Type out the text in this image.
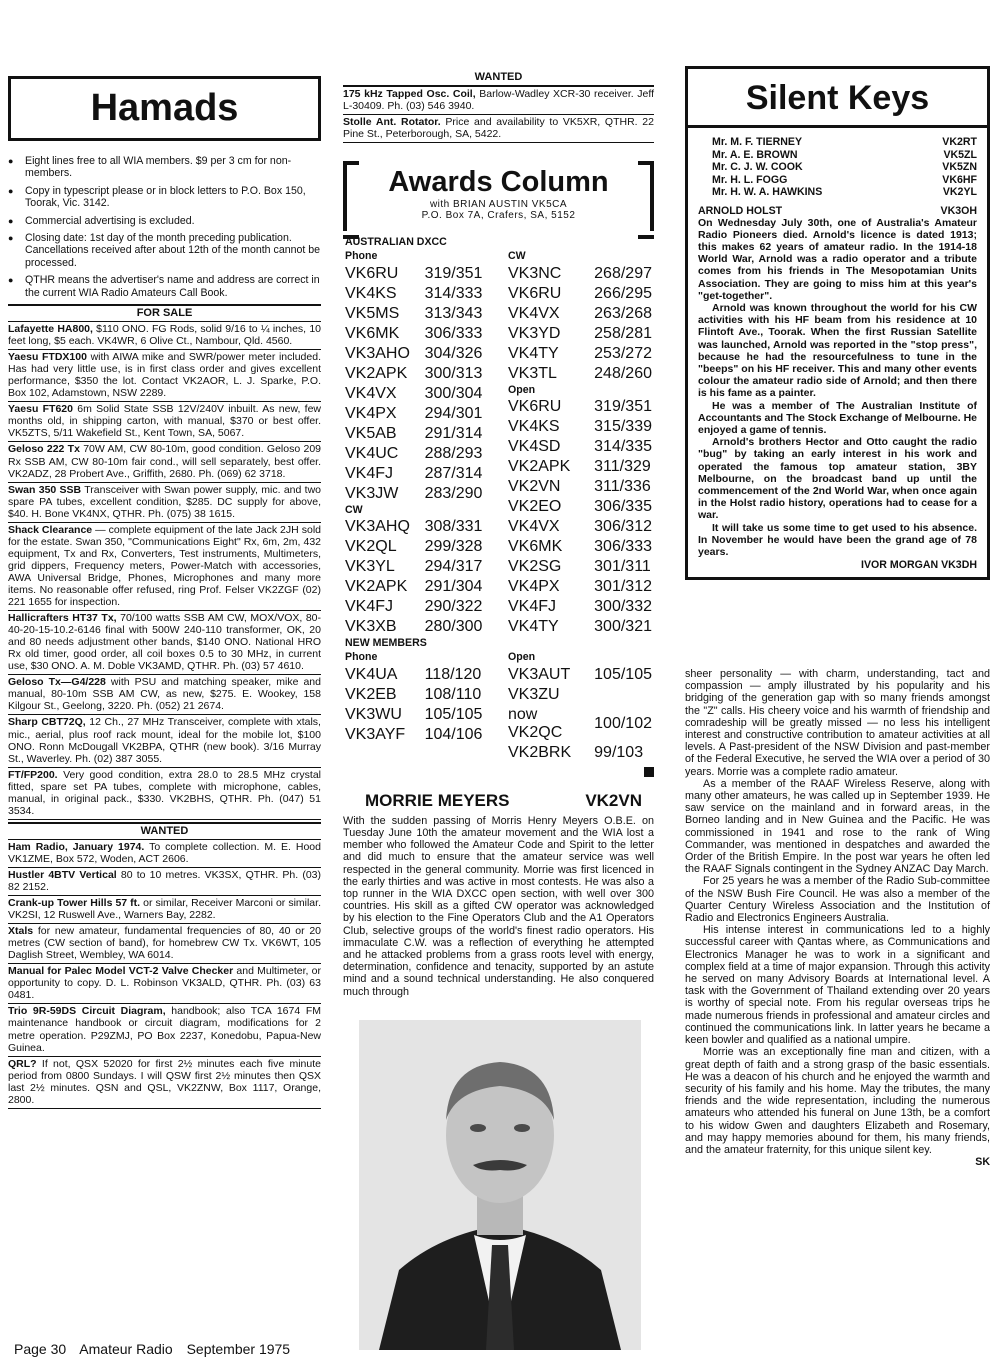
Hamads
● Eight lines free to all WIA members. $9 per 3 cm for non-members.
● Copy in typescript please or in block letters to P.O. Box 150, Toorak, Vic. 3142.
● Commercial advertising is excluded.
● Closing date: 1st day of the month preceding publication. Cancellations received after about 12th of the month cannot be processed.
● QTHR means the advertiser's name and address are correct in the current WIA Radio Amateurs Call Book.
FOR SALE
Lafayette HA800, $110 ONO. FG Rods, solid 9/16 to ¼ inches, 10 feet long, $5 each. VK4WR, 6 Olive Ct., Nambour, Qld. 4560.
Yaesu FTDX100 with AIWA mike and SWR/power meter included. Has had very little use, is in first class order and gives excellent performance, $350 the lot. Contact VK2AOR, L. J. Sparke, P.O. Box 102, Adamstown, NSW 2289.
Yaesu FT620 6m Solid State SSB 12V/240V inbuilt. As new, few months old, in shipping carton, with manual, $370 or best offer. VK5ZTS, 5/11 Wakefield St., Kent Town, SA, 5067.
Geloso 222 Tx 70W AM, CW 80-10m, good condition. Geloso 209 Rx SSB AM, CW 80-10m fair cond., will sell separately, best offer. VK2ADZ, 28 Probert Ave., Griffith, 2680. Ph. (069) 62 3718.
Swan 350 SSB Transceiver with Swan power supply, mic. and two spare PA tubes, excellent condition, $285. DC supply for above, $40. H. Bone VK4NX, QTHR. Ph. (075) 38 1615.
Shack Clearance — complete equipment of the late Jack 2JH sold for the estate. Swan 350, "Communications Eight" Rx, 6m, 2m, 432 equipment, Tx and Rx, Converters, Test instruments, Multimeters, grid dippers, Frequency meters, Power-Match with accessories, AWA Universal Bridge, Phones, Microphones and many more items. No reasonable offer refused, ring Prof. Felser VK2ZGF (02) 221 1655 for inspection.
Hallicrafters HT37 Tx, 70/100 watts SSB AM CW, MOX/VOX, 80-40-20-15-10.2-6146 final with 500W 240-110 transformer, OK, 20 and 80 needs adjustment other bands, $140 ONO. National HRO Rx old timer, good order, all coil boxes 0.5 to 30 MHz, in current use, $30 ONO. A. M. Doble VK3AMD, QTHR. Ph. (03) 57 4610.
Geloso Tx—G4/228 with PSU and matching speaker, mike and manual, 80-10m SSB AM CW, as new, $275. E. Wookey, 158 Kilgour St., Geelong, 3220. Ph. (052) 21 2674.
Sharp CBT72Q, 12 Ch., 27 MHz Transceiver, complete with xtals, mic., aerial, plus roof rack mount, ideal for the mobile lot, $100 ONO. Ronn McDougall VK2BPA, QTHR (new book). 3/16 Murray St., Waverley. Ph. (02) 387 3055.
FT/FP200. Very good condition, extra 28.0 to 28.5 MHz crystal fitted, spare set PA tubes, complete with microphone, cables, manual, in original pack., $330. VK2BHS, QTHR. Ph. (047) 51 3534.
WANTED
Ham Radio, January 1974. To complete collection. M. E. Hood VK1ZME, Box 572, Woden, ACT 2606.
Hustler 4BTV Vertical 80 to 10 metres. VK3SX, QTHR. Ph. (03) 82 2152.
Crank-up Tower Hills 57 ft. or similar, Receiver Marconi or similar. VK2SI, 12 Ruswell Ave., Warners Bay, 2282.
Xtals for new amateur, fundamental frequencies of 80, 40 or 20 metres (CW section of band), for homebrew CW Tx. VK6WT, 105 Daglish Street, Wembley, WA 6014.
Manual for Palec Model VCT-2 Valve Checker and Multimeter, or opportunity to copy. D. L. Robinson VK3ALD, QTHR. Ph. (03) 63 0481.
Trio 9R-59DS Circuit Diagram, handbook; also TCA 1674 FM maintenance handbook or circuit diagram, modifications for 2 metre operation. P29ZMJ, PO Box 2237, Konedobu, Papua-New Guinea.
QRL? If not, QSX 52020 for first 2½ minutes each five minute period from 0800 Sundays. I will QSW first 2½ minutes then QSX last 2½ minutes. QSN and QSL, VK2ZNW, Box 1117, Orange, 2800.
WANTED
175 kHz Tapped Osc. Coil, Barlow-Wadley XCR-30 receiver. Jeff L-30409. Ph. (03) 546 3940.
Stolle Ant. Rotator. Price and availability to VK5XR, QTHR. 22 Pine St., Peterborough, SA, 5422.
Awards Column
with BRIAN AUSTIN VK5CA
P.O. Box 7A, Crafers, SA, 5152
AUSTRALIAN DXCC	
Phone	
VK6RU	319/351
VK4KS	314/333
VK5MS	313/343
VK6MK	306/333
VK3AHO	304/326
VK2APK	300/313
VK4VX	300/304
VK4PX	294/301
VK5AB	291/314
VK4UC	288/293
VK4FJ	287/314
VK3JW	283/290
CW	
VK3AHQ	308/331
VK2QL	299/328
VK3YL	294/317
VK2APK	291/304
VK4FJ	290/322
VK3XB	280/300
NEW MEMBERS	
Phone	
VK4UA	118/120
VK2EB	108/110
VK3WU	105/105
VK3AYF	104/106

CW	
VK3NC	268/297
VK6RU	266/295
VK4VX	263/268
VK3YD	258/281
VK4TY	253/272
VK3TL	248/260
Open	
VK6RU	319/351
VK4KS	315/339
VK4SD	314/335
VK2APK	311/329
VK2VN	311/336
VK2EO	306/335
VK4VX	306/312
VK6MK	306/333
VK2SG	301/311
VK4PX	301/312
VK4FJ	300/332
VK4TY	300/321

Open	
VK3AUT	105/105
VK3ZU	
now VK2QC	100/102
VK2BRK	99/103
MORRIE MEYERS	VK2VN

With the sudden passing of Morris Henry Meyers O.B.E. on Tuesday June 10th the amateur movement and the WIA lost a member who followed the Amateur Code and Spirit to the letter and did much to ensure that the amateur service was well respected in the general community. Morrie was first licenced in the early thirties and was active in most contests. He was also a top runner in the WIA DXCC open section, with well over 300 countries. His skill as a gifted CW operator was acknowledged by his election to the Fine Operators Club and the A1 Operators Club, selective groups of the world's finest radio operators. His immaculate C.W. was a reflection of everything he attempted and he attacked problems from a grass roots level with energy, determination, confidence and tenacity, supported by an astute mind and a sound technical understanding. He also conquered much through

Silent Keys
Mr. M. F. TIERNEY	VK2RT
Mr. A. E. BROWN	VK5ZL
Mr. C. J. W. COOK	VK5ZN
Mr. H. L. FOGG	VK6HF
Mr. H. W. A. HAWKINS	VK2YL
ARNOLD HOLST	VK3OH

On Wednesday July 30th, one of Australia's Amateur Radio Pioneers died. Arnold's licence is dated 1913; this makes 62 years of amateur radio. In the 1914-18 World War, Arnold was a radio operator and a tribute comes from his friends in The Mesopotamian Units Association. They are going to miss him at this year's "get-together".

Arnold was known throughout the world for his CW activities with his HF beam from his residence at 10 Flintoft Ave., Toorak. When the first Russian Satellite was launched, Arnold was reported in the "stop press", because he had the resourcefulness to tune in the "beeps" on his HF receiver. This and many other events colour the amateur radio side of Arnold; and then there is his fame as a painter.

He was a member of The Australian Institute of Accountants and The Stock Exchange of Melbourne. He enjoyed a game of tennis.

Arnold's brothers Hector and Otto caught the radio "bug" by taking an early interest in his work and operated the famous top amateur station, 3BY Melbourne, on the broadcast band up until the commencement of the 2nd World War, when once again in the Holst radio history, operations had to cease for a war.

It will take us some time to get used to his absence. In November he would have been the grand age of 78 years.

IVOR MORGAN VK3DH

sheer personality — with charm, understanding, tact and compassion — amply illustrated by his popularity and his bridging of the generation gap with so many friends amongst the "Z" calls. His cheery voice and his warmth of friendship and comradeship will be greatly missed — no less his intelligent interest and constructive contribution to amateur activities at all levels. A Past-president of the NSW Division and past-member of the Federal Executive, he served the WIA over a period of 30 years. Morrie was a complete radio amateur.

As a member of the RAAF Wireless Reserve, along with many other amateurs, he was called up in September 1939. He saw service on the mainland and in forward areas, in the Borneo landing and in New Guinea and the Pacific. He was commissioned in 1941 and rose to the rank of Wing Commander, was mentioned in despatches and awarded the Order of the British Empire. In the post war years he often led the RAAF Signals contingent in the Sydney ANZAC Day March.

For 25 years he was a member of the Radio Sub-committee of the NSW Bush Fire Council. He was also a member of the Quarter Century Wireless Association and the Institution of Radio and Electronics Engineers Australia.

His intense interest in communications led to a highly successful career with Qantas where, as Communications and Electronics Manager he was to work in a significant and complex field at a time of major expansion. Through this activity he served on many Advisory Boards at International level. A task with the Government of Thailand extending over 20 years is worthy of special note. From his regular overseas trips he made numerous friends in professional and amateur circles and continued the communications link. In latter years he became a keen bowler and qualified as a national umpire.

Morrie was an exceptionally fine man and citizen, with a great depth of faith and a strong grasp of the basic essentials. He was a deacon of his church and he enjoyed the warmth and security of his family and his home. May the tributes, the many friends and the wide representation, including the numerous amateurs who attended his funeral on June 13th, be a comfort to his widow Gwen and daughters Elizabeth and Rosemary, and may happy memories abound for them, his many friends, and the amateur fraternity, for this unique silent key.

SK
Page 30 Amateur Radio September 1975
